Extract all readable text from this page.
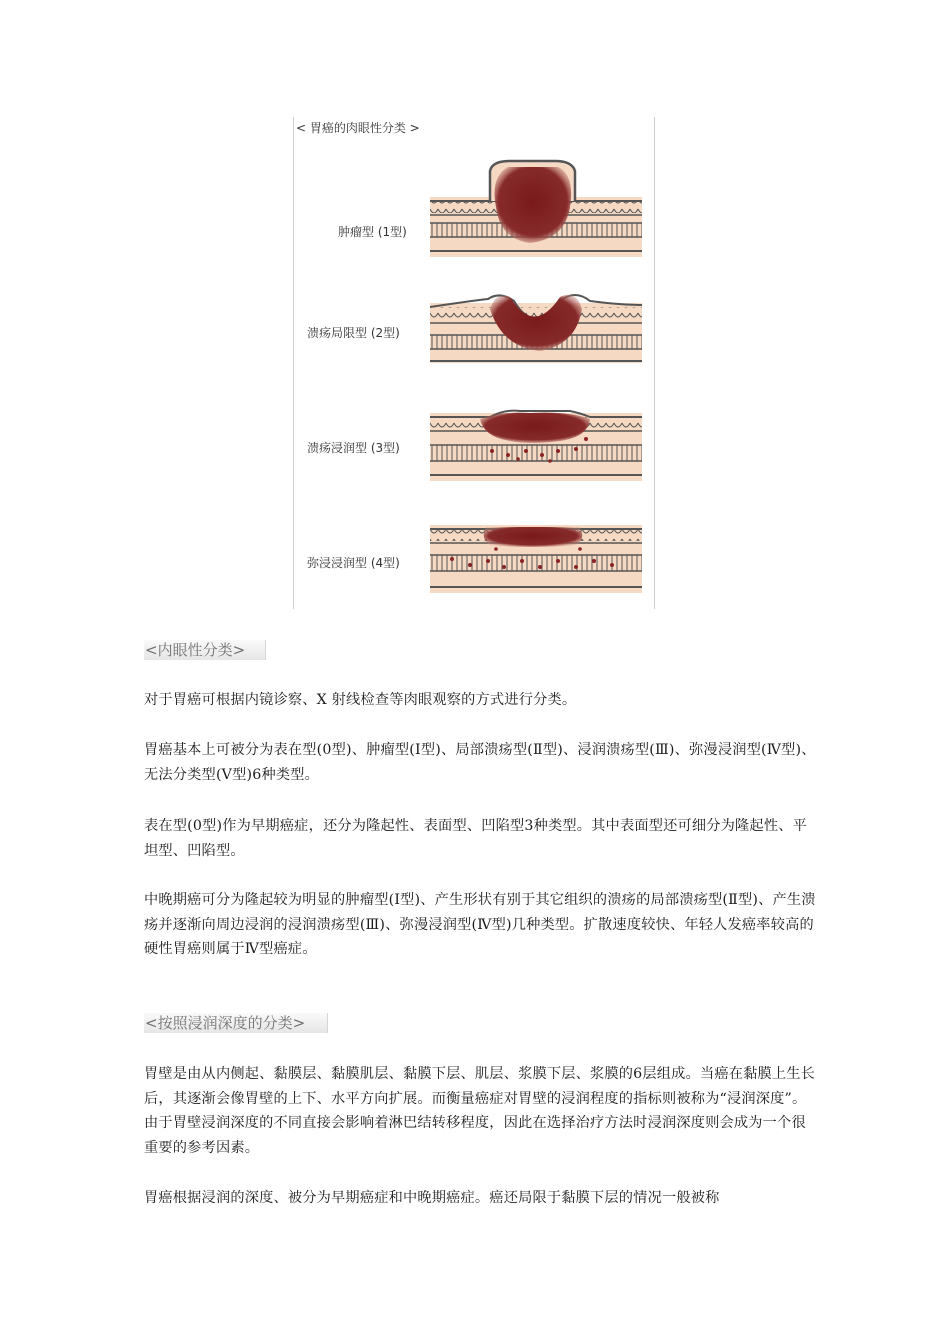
< 胃癌的肉眼性分类 >
肿瘤型 (1型)
溃疡局限型 (2型)
溃疡浸润型 (3型)
弥浸浸润型 (4型)
<内眼性分类>

对于胃癌可根据内镜诊察、X 射线检查等肉眼观察的方式进行分类。

胃癌基本上可被分为表在型(0型)、肿瘤型(Ⅰ型)、局部溃疡型(Ⅱ型)、浸润溃疡型(Ⅲ)、弥漫浸润型(Ⅳ型)、无法分类型(Ⅴ型)6种类型。

表在型(0型)作为早期癌症，还分为隆起性、表面型、凹陷型3种类型。其中表面型还可细分为隆起性、平坦型、凹陷型。

中晚期癌可分为隆起较为明显的肿瘤型(Ⅰ型)、产生形状有别于其它组织的溃疡的局部溃疡型(Ⅱ型)、产生溃疡并逐渐向周边浸润的浸润溃疡型(Ⅲ)、弥漫浸润型(Ⅳ型)几种类型。扩散速度较快、年轻人发癌率较高的硬性胃癌则属于Ⅳ型癌症。

<按照浸润深度的分类>

胃壁是由从内侧起、黏膜层、黏膜肌层、黏膜下层、肌层、浆膜下层、浆膜的6层组成。当癌在黏膜上生长后，其逐渐会像胃壁的上下、水平方向扩展。而衡量癌症对胃壁的浸润程度的指标则被称为“浸润深度”。由于胃壁浸润深度的不同直接会影响着淋巴结转移程度，因此在选择治疗方法时浸润深度则会成为一个很重要的参考因素。

胃癌根据浸润的深度、被分为早期癌症和中晚期癌症。癌还局限于黏膜下层的情况一般被称
